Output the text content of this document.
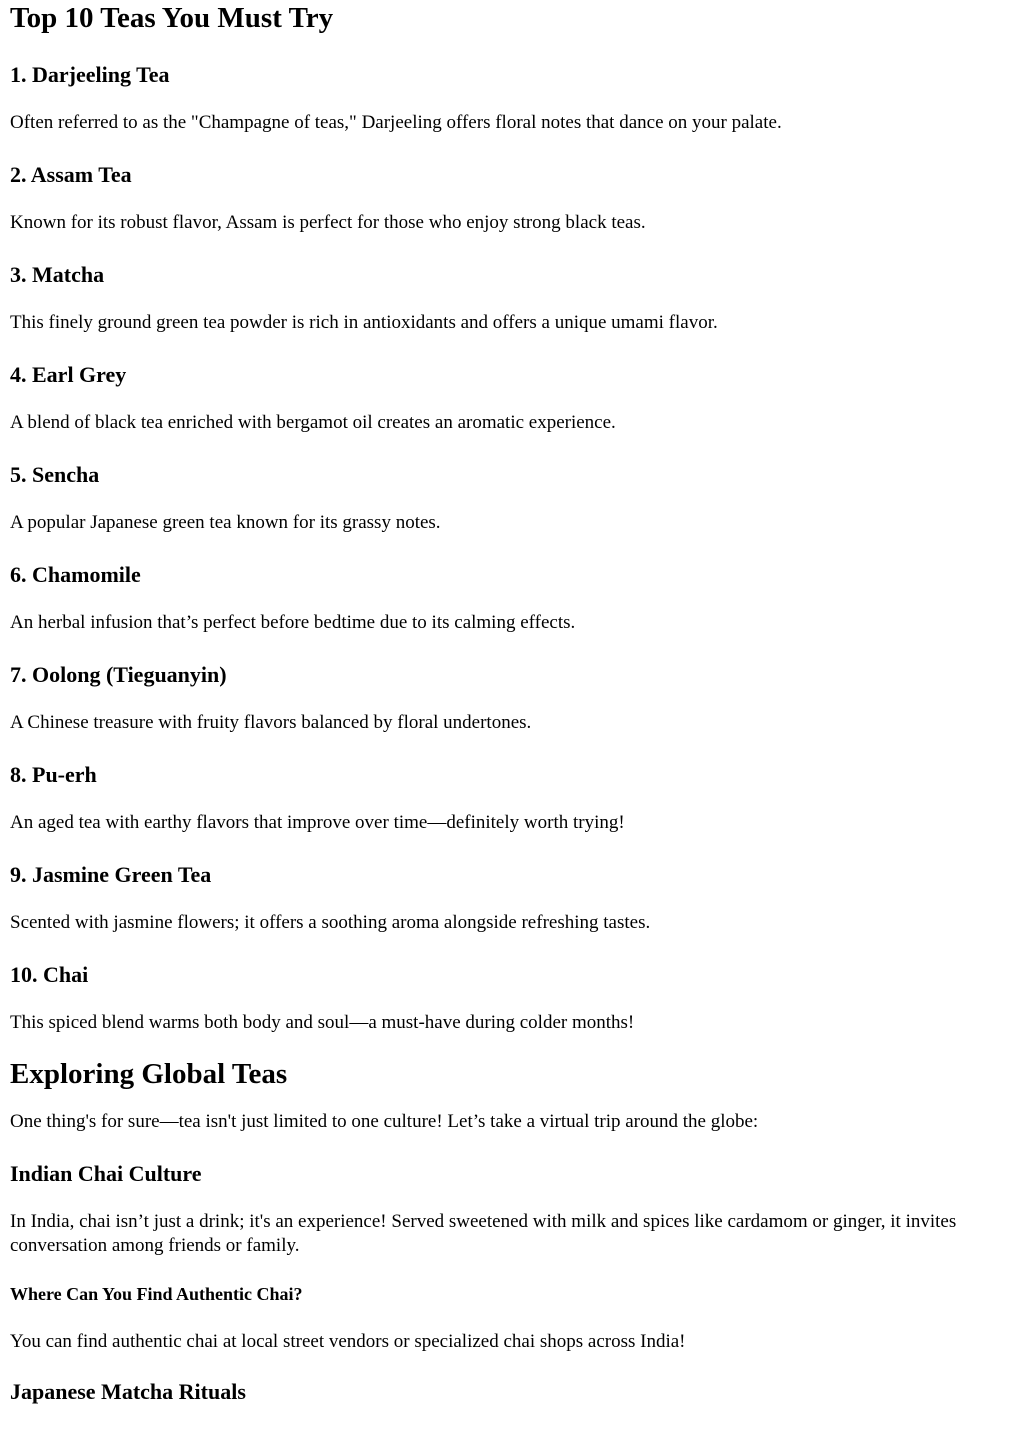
Top 10 Teas You Must Try
1. Darjeeling Tea

Often referred to as the "Champagne of teas," Darjeeling offers floral notes that dance on your palate.

2. Assam Tea

Known for its robust flavor, Assam is perfect for those who enjoy strong black teas.

3. Matcha

This finely ground green tea powder is rich in antioxidants and offers a unique umami flavor.

4. Earl Grey

A blend of black tea enriched with bergamot oil creates an aromatic experience.

5. Sencha

A popular Japanese green tea known for its grassy notes.

6. Chamomile

An herbal infusion that’s perfect before bedtime due to its calming effects.

7. Oolong (Tieguanyin)

A Chinese treasure with fruity flavors balanced by floral undertones.

8. Pu-erh

An aged tea with earthy flavors that improve over time—definitely worth trying!

9. Jasmine Green Tea

Scented with jasmine flowers; it offers a soothing aroma alongside refreshing tastes.

10. Chai

This spiced blend warms both body and soul—a must-have during colder months!

Exploring Global Teas

One thing's for sure—tea isn't just limited to one culture! Let’s take a virtual trip around the globe:

Indian Chai Culture

In India, chai isn’t just a drink; it's an experience! Served sweetened with milk and spices like cardamom or ginger, it invites conversation among friends or family.

Where Can You Find Authentic Chai?

You can find authentic chai at local street vendors or specialized chai shops across India!

Japanese Matcha Rituals
